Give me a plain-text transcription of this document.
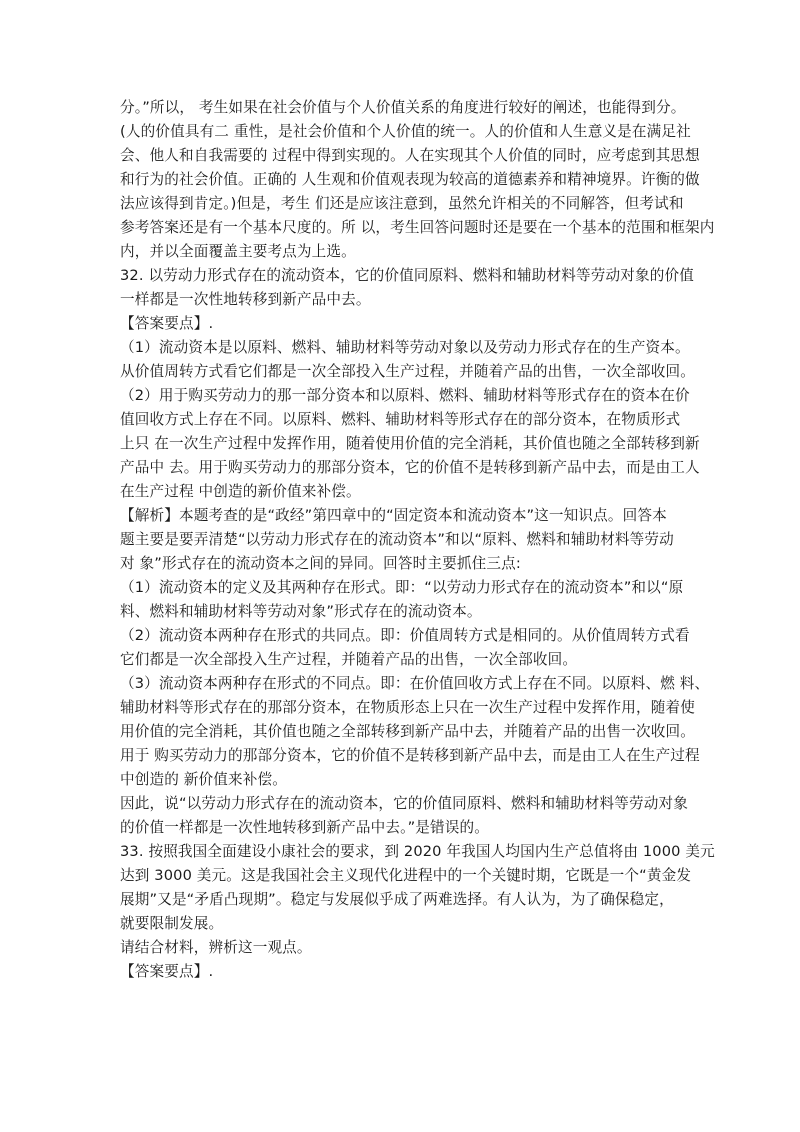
分。”所以， 考生如果在社会价值与个人价值关系的角度进行较好的阐述，也能得到分。
(人的价值具有二 重性，是社会价值和个人价值的统一。人的价值和人生意义是在满足社
会、他人和自我需要的 过程中得到实现的。人在实现其个人价值的同时，应考虑到其思想
和行为的社会价值。正确的 人生观和价值观表现为较高的道德素养和精神境界。许衡的做
法应该得到肯定。)但是，考生 们还是应该注意到，虽然允许相关的不同解答，但考试和
参考答案还是有一个基本尺度的。所 以，考生回答问题时还是要在一个基本的范围和框架内
内，并以全面覆盖主要考点为上选。
32. 以劳动力形式存在的流动资本，它的价值同原料、燃料和辅助材料等劳动对象的价值
一样都是一次性地转移到新产品中去。
【答案要点】.
（1）流动资本是以原料、燃料、辅助材料等劳动对象以及劳动力形式存在的生产资本。
从价值周转方式看它们都是一次全部投入生产过程，并随着产品的出售，一次全部收回。
（2）用于购买劳动力的那一部分资本和以原料、燃料、辅助材料等形式存在的资本在价
值回收方式上存在不同。以原料、燃料、辅助材料等形式存在的部分资本，在物质形式
上只 在一次生产过程中发挥作用，随着使用价值的完全消耗，其价值也随之全部转移到新
产品中 去。用于购买劳动力的那部分资本，它的价值不是转移到新产品中去，而是由工人
在生产过程 中创造的新价值来补偿。
【解析】本题考查的是“政经”第四章中的“固定资本和流动资本”这一知识点。回答本
题主要是要弄清楚“以劳动力形式存在的流动资本”和以“原料、燃料和辅助材料等劳动
对 象”形式存在的流动资本之间的异同。回答时主要抓住三点:
（1）流动资本的定义及其两种存在形式。即：“以劳动力形式存在的流动资本”和以“原
料、燃料和辅助材料等劳动对象”形式存在的流动资本。
（2）流动资本两种存在形式的共同点。即：价值周转方式是相同的。从价值周转方式看
它们都是一次全部投入生产过程，并随着产品的出售，一次全部收回。
（3）流动资本两种存在形式的不同点。即：在价值回收方式上存在不同。以原料、燃 料、
辅助材料等形式存在的那部分资本，在物质形态上只在一次生产过程中发挥作用，随着使
用价值的完全消耗，其价值也随之全部转移到新产品中去，并随着产品的出售一次收回。
用于 购买劳动力的那部分资本，它的价值不是转移到新产品中去，而是由工人在生产过程
中创造的 新价值来补偿。
因此，说“以劳动力形式存在的流动资本，它的价值同原料、燃料和辅助材料等劳动对象
的价值一样都是一次性地转移到新产品中去。”是错误的。
33. 按照我国全面建设小康社会的要求，到 2020 年我国人均国内生产总值将由 1000 美元
达到 3000 美元。这是我国社会主义现代化进程中的一个关键时期，它既是一个“黄金发
展期”又是“矛盾凸现期”。稳定与发展似乎成了两难选择。有人认为，为了确保稳定，
就要限制发展。
请结合材料，辨析这一观点。
【答案要点】.
